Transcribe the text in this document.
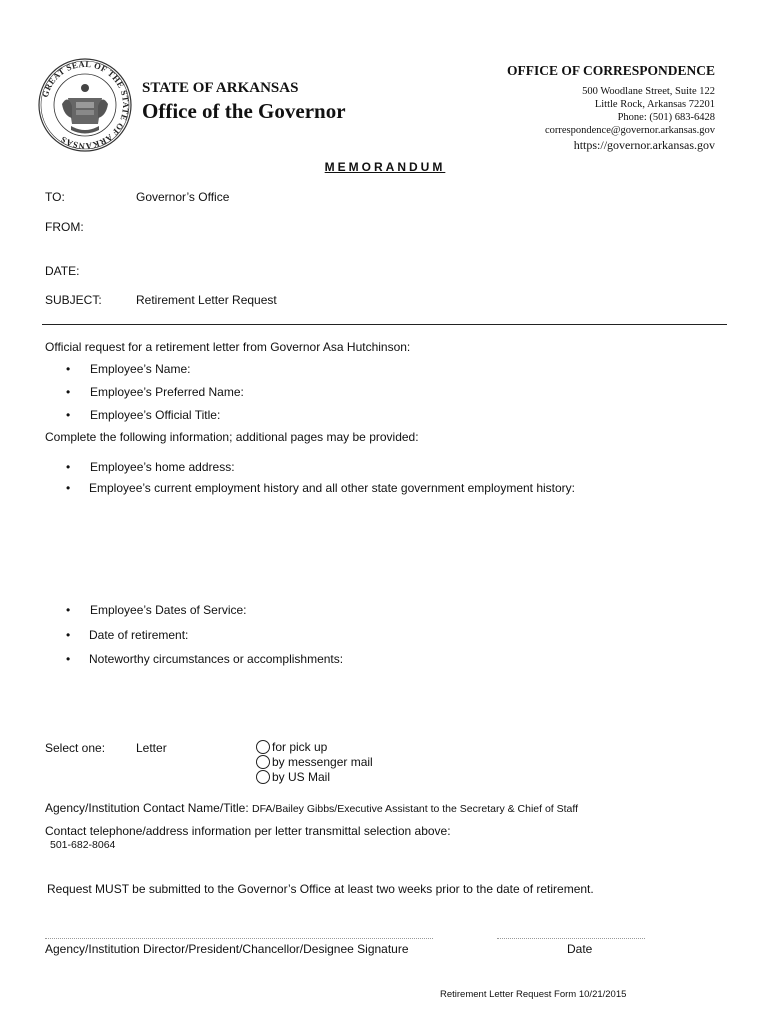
GREAT SEAL OF THE STATE OF ARKANSAS
STATE OF ARKANSAS
Office of the Governor
OFFICE OF CORRESPONDENCE
500 Woodlane Street, Suite 122
Little Rock, Arkansas 72201
Phone: (501) 683-6428
correspondence@governor.arkansas.gov
https://governor.arkansas.gov
MEMORANDUM
TO:	Governor’s Office
FROM:
DATE:
SUBJECT:	Retirement Letter Request
Official request for a retirement letter from Governor Asa Hutchinson:
• Employee’s Name:
• Employee’s Preferred Name:
• Employee’s Official Title:
Complete the following information; additional pages may be provided:
• Employee’s home address:
• Employee’s current employment history and all other state government employment history:
• Employee’s Dates of Service:
• Date of retirement:
• Noteworthy circumstances or accomplishments:
Select one:	Letter	for pick up
by messenger mail
by US Mail
Agency/Institution Contact Name/Title: DFA/Bailey Gibbs/Executive Assistant to the Secretary & Chief of Staff
Contact telephone/address information per letter transmittal selection above:
501-682-8064
Request MUST be submitted to the Governor’s Office at least two weeks prior to the date of retirement.
Agency/Institution Director/President/Chancellor/Designee Signature	Date
Retirement Letter Request Form 10/21/2015
